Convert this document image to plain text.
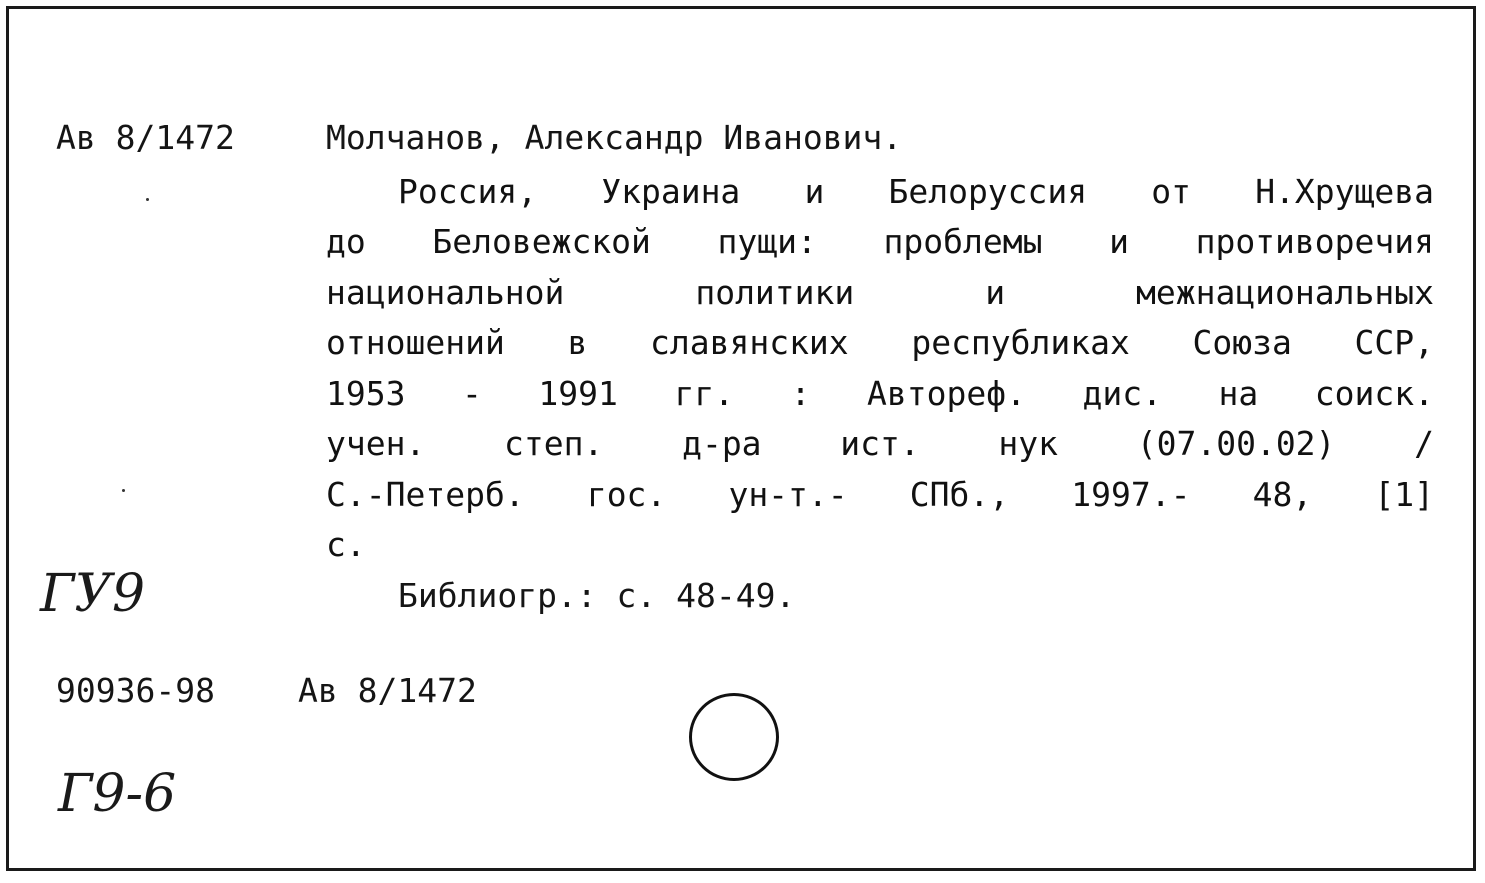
Ав 8/1472	Молчанов, Александр Иванович.
Россия, Украина и Белоруссия от Н.Хрущева
до Беловежской пущи: проблемы и противоречия
национальной политики и межнациональных
отношений в славянских республиках Союза ССР,
1953 - 1991 гг. : Автореф. дис. на соиск.
учен. степ. д-ра ист. нук (07.00.02) /
С.-Петерб. гос. ун-т.- СПб., 1997.- 48, [1]
с.
Библиогр.: с. 48-49.
ГУ9
90936-98	Ав 8/1472
Г9-6
